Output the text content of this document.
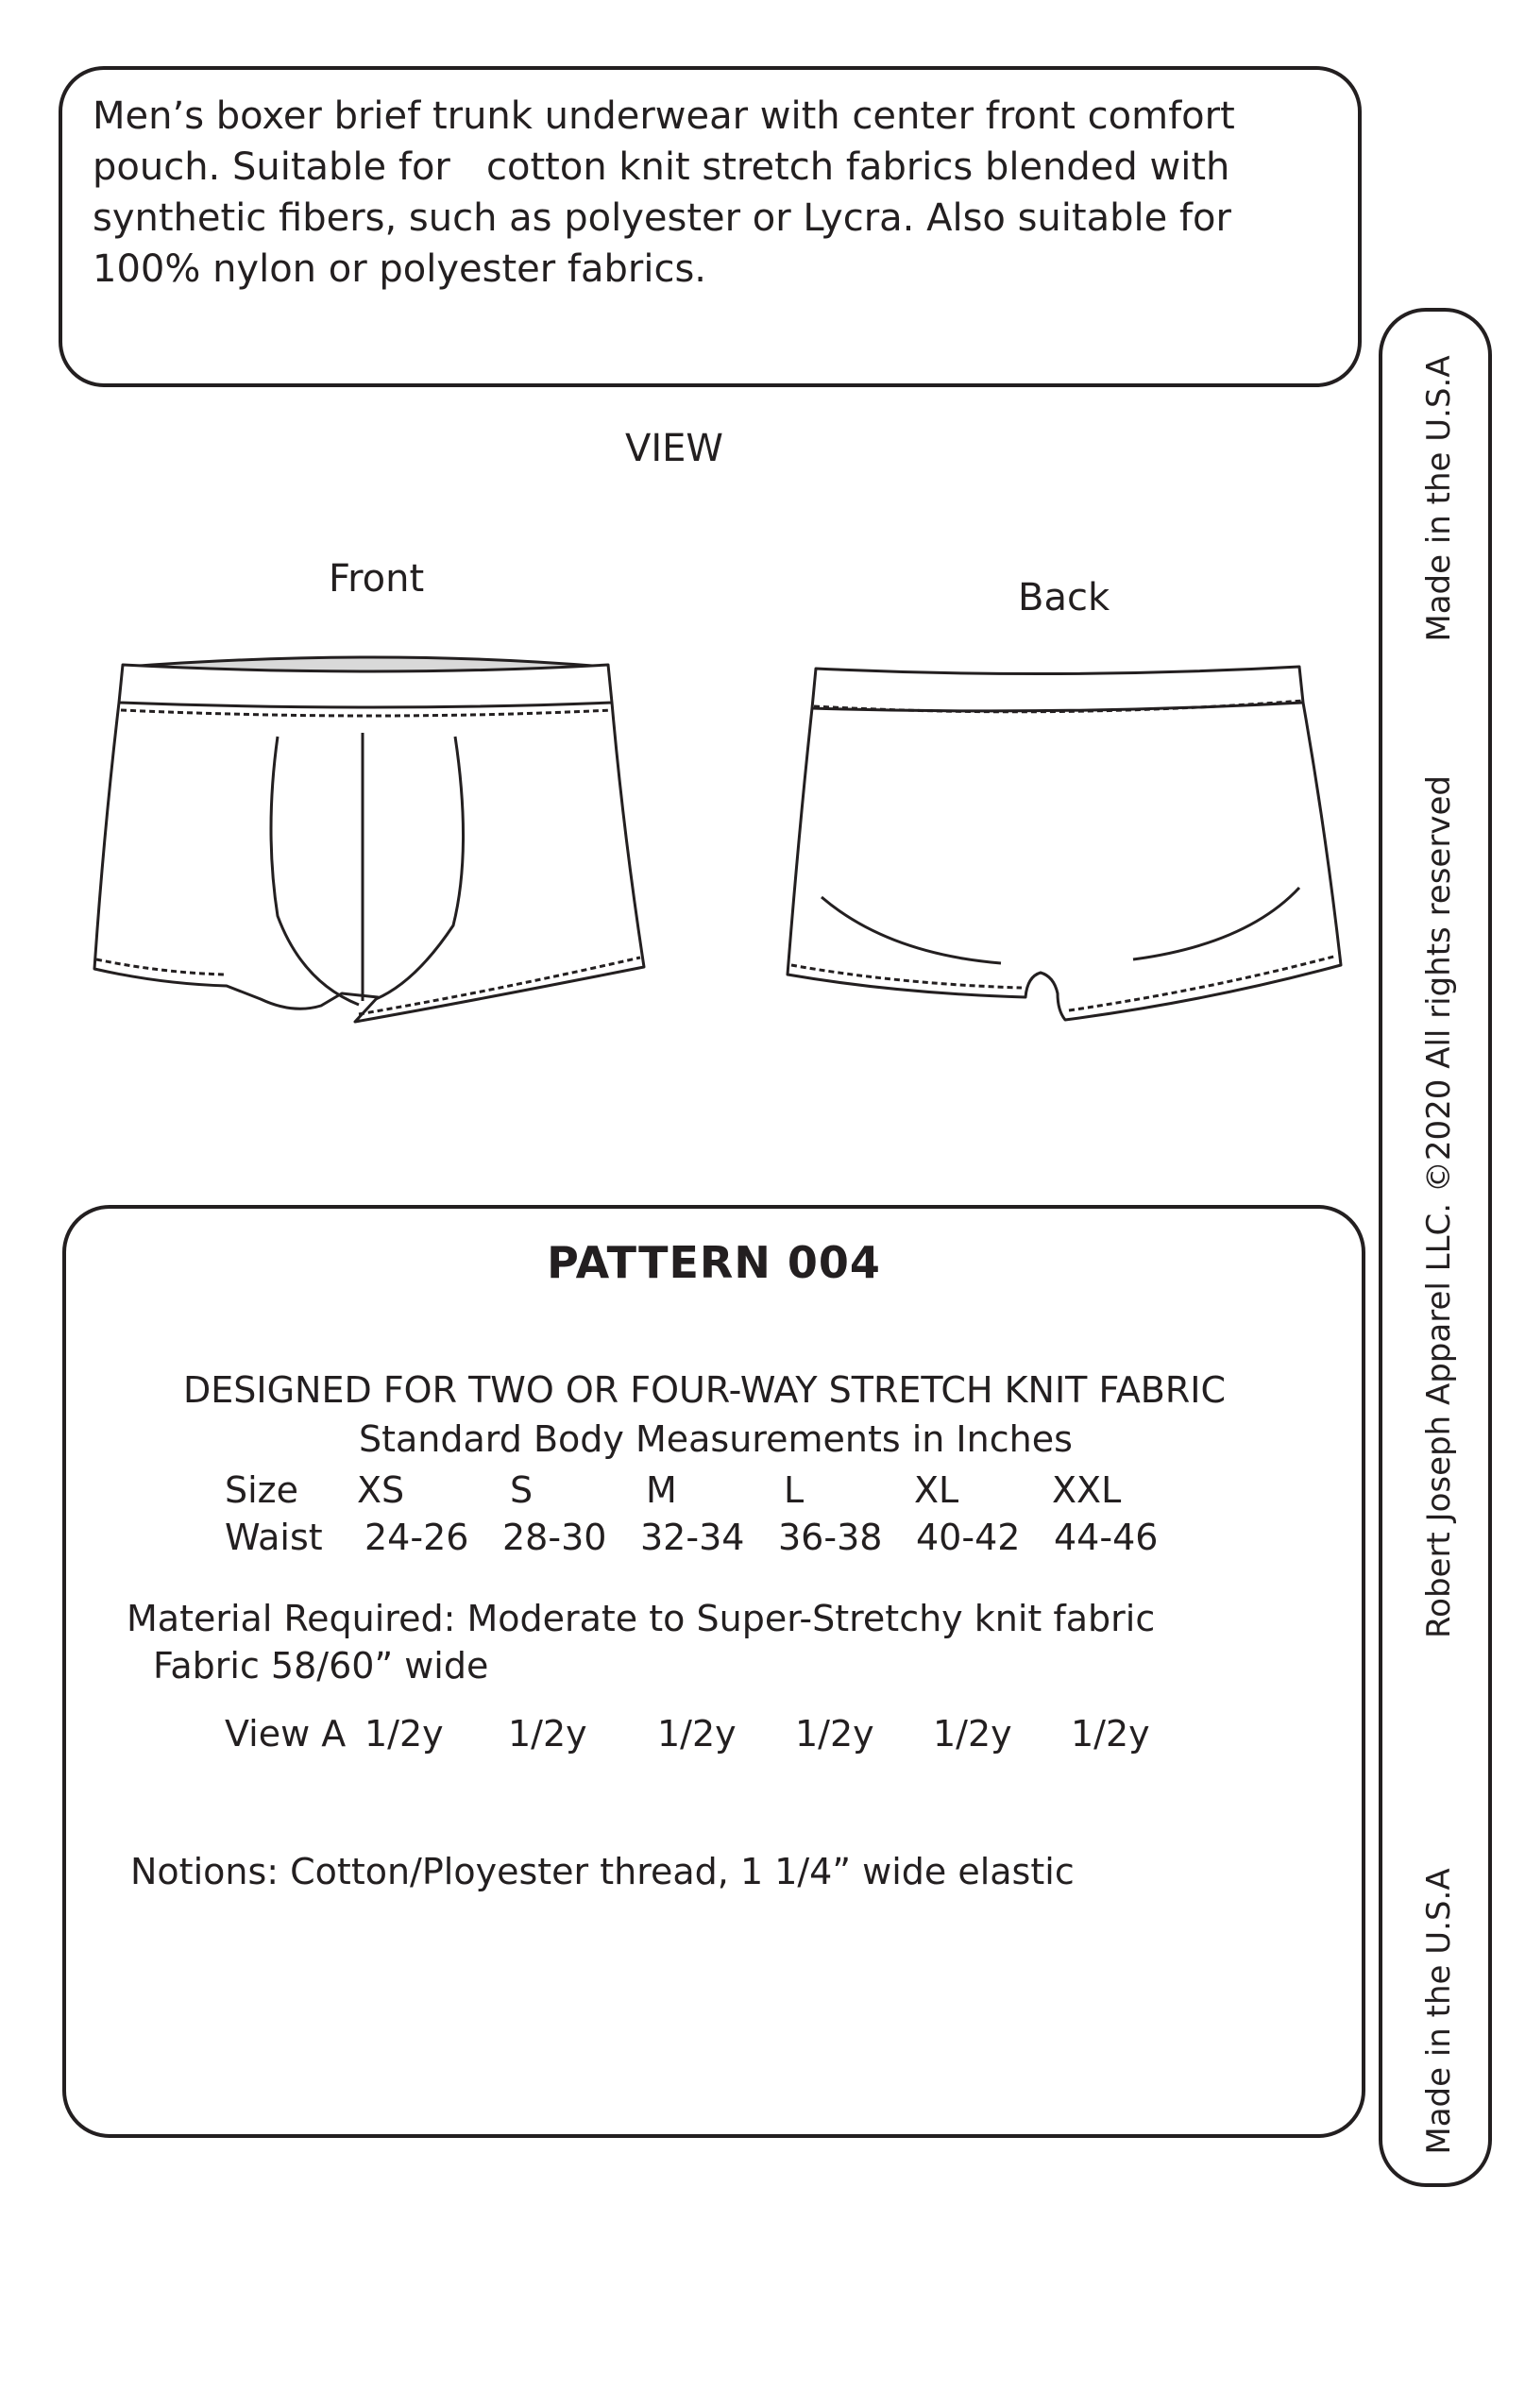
Men’s boxer brief trunk underwear with center front comfort
pouch. Suitable for   cotton knit stretch fabrics blended with
synthetic fibers, such as polyester or Lycra. Also suitable for
100% nylon or polyester fabrics.
VIEW
Front	Back
PATTERN 004
DESIGNED FOR TWO OR FOUR-WAY STRETCH KNIT FABRIC
Standard Body Measurements in Inches
Size XS	S	M	L	XL	XXL
Waist 24-26 28-30 32-34 36-38 40-42 44-46
Material Required: Moderate to Super-Stretchy knit fabric
Fabric 58/60” wide
View A 1/2y 1/2y 1/2y 1/2y 1/2y 1/2y
Notions: Cotton/Ployester thread, 1 1/4” wide elastic
Made in the U.S.A
Robert Joseph Apparel LLC. ©2020 All rights reserved
Made in the U.S.A
